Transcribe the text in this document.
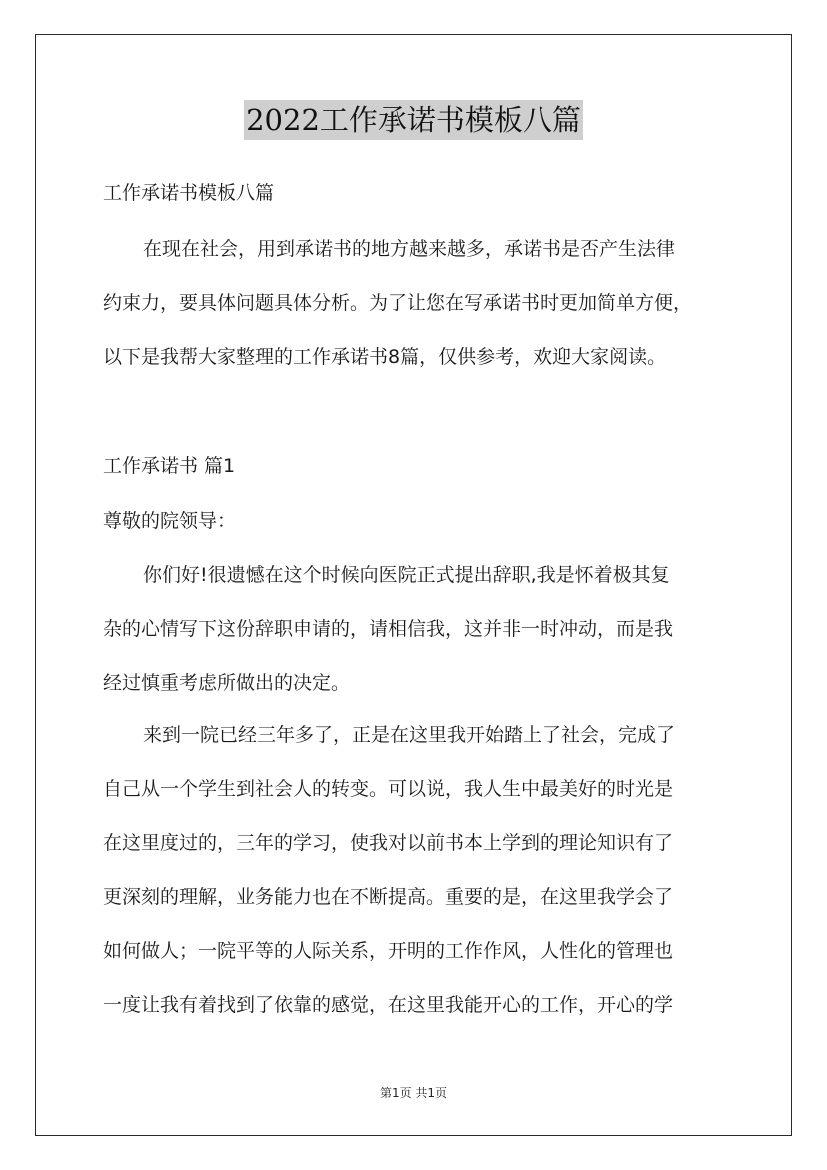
2022工作承诺书模板八篇
工作承诺书模板八篇
在现在社会，用到承诺书的地方越来越多，承诺书是否产生法律
约束力，要具体问题具体分析。为了让您在写承诺书时更加简单方便，
以下是我帮大家整理的工作承诺书8篇，仅供参考，欢迎大家阅读。
工作承诺书 篇1
尊敬的院领导：
你们好!很遗憾在这个时候向医院正式提出辞职,我是怀着极其复
杂的心情写下这份辞职申请的，请相信我，这并非一时冲动，而是我
经过慎重考虑所做出的决定。
来到一院已经三年多了，正是在这里我开始踏上了社会，完成了
自己从一个学生到社会人的转变。可以说，我人生中最美好的时光是
在这里度过的，三年的学习，使我对以前书本上学到的理论知识有了
更深刻的理解，业务能力也在不断提高。重要的是，在这里我学会了
如何做人；一院平等的人际关系，开明的工作作风，人性化的管理也
一度让我有着找到了依靠的感觉，在这里我能开心的工作，开心的学
第1页 共1页
